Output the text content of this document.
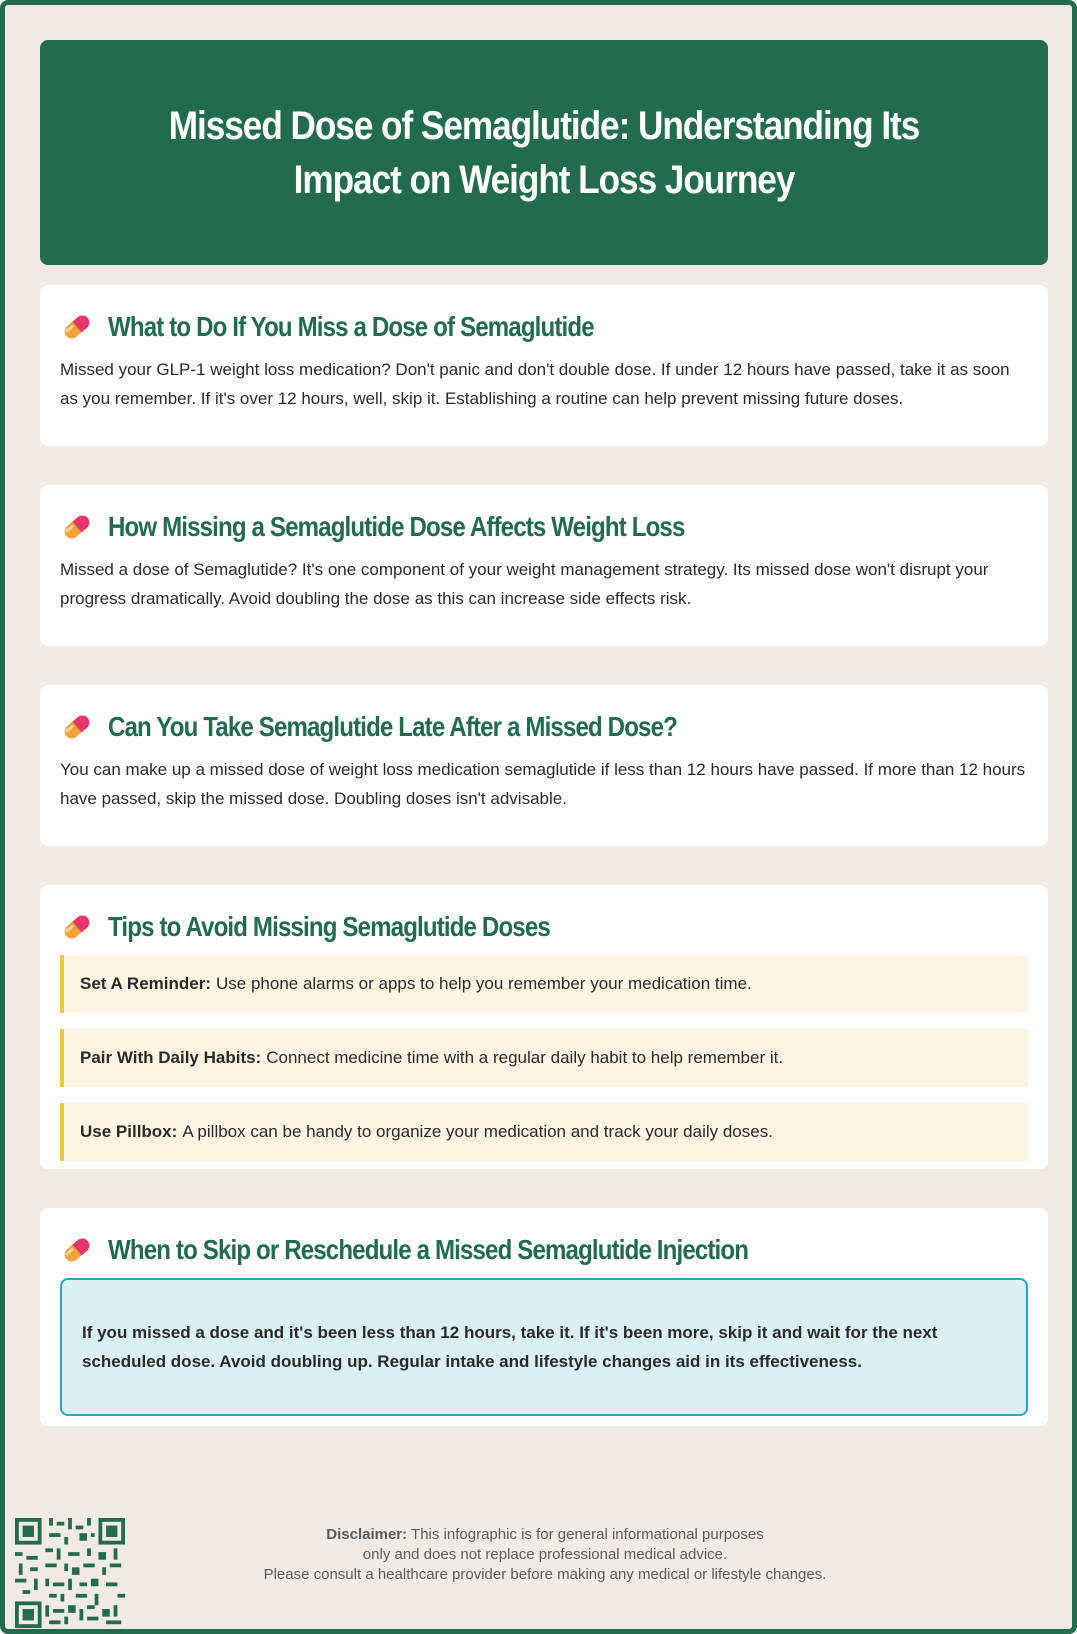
Missed Dose of Semaglutide: Understanding Its Impact on Weight Loss Journey
What to Do If You Miss a Dose of Semaglutide

Missed your GLP-1 weight loss medication? Don't panic and don't double dose. If under 12 hours have passed, take it as soon as you remember. If it's over 12 hours, well, skip it. Establishing a routine can help prevent missing future doses.

How Missing a Semaglutide Dose Affects Weight Loss

Missed a dose of Semaglutide? It's one component of your weight management strategy. Its missed dose won't disrupt your progress dramatically. Avoid doubling the dose as this can increase side effects risk.

Can You Take Semaglutide Late After a Missed Dose?

You can make up a missed dose of weight loss medication semaglutide if less than 12 hours have passed. If more than 12 hours have passed, skip the missed dose. Doubling doses isn't advisable.

Tips to Avoid Missing Semaglutide Doses
Set A Reminder: Use phone alarms or apps to help you remember your medication time.
Pair With Daily Habits: Connect medicine time with a regular daily habit to help remember it.
Use Pillbox: A pillbox can be handy to organize your medication and track your daily doses.
When to Skip or Reschedule a Missed Semaglutide Injection
If you missed a dose and it's been less than 12 hours, take it. If it's been more, skip it and wait for the next scheduled dose. Avoid doubling up. Regular intake and lifestyle changes aid in its effectiveness.
Disclaimer: This infographic is for general informational purposes
only and does not replace professional medical advice.
Please consult a healthcare provider before making any medical or lifestyle changes.
